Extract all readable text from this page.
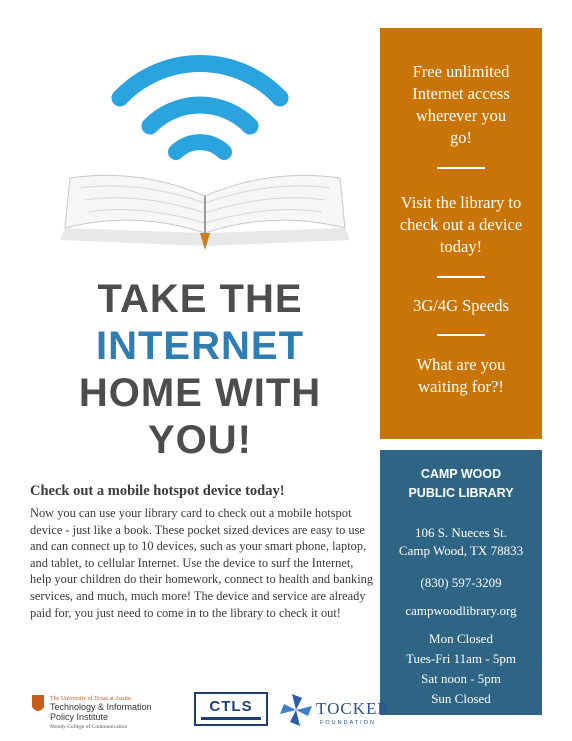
TAKE THE
INTERNET
HOME WITH
YOU!
Check out a mobile hotspot device today!
Now you can use your library card to check out a mobile hotspot device - just like a book. These pocket sized devices are easy to use and can connect up to 10 devices, such as your smart phone, laptop, and tablet, to cellular Internet. Use the device to surf the Internet, help your children do their homework, connect to health and banking services, and much, much more! The device and service are already paid for, you just need to come in to the library to check it out!
Free unlimited Internet access wherever you go!
Visit the library to check out a device today!
3G/4G Speeds
What are you waiting for?!
CAMP WOOD
PUBLIC LIBRARY
106 S. Nueces St.
Camp Wood, TX 78833
(830) 597-3209
campwoodlibrary.org
Mon Closed
Tues-Fri 11am - 5pm
Sat noon - 5pm
Sun Closed
The University of Texas at Austin
Technology & Information
Policy Institute
Moody College of Communication
CTLS	TOCKER
FOUNDATION
